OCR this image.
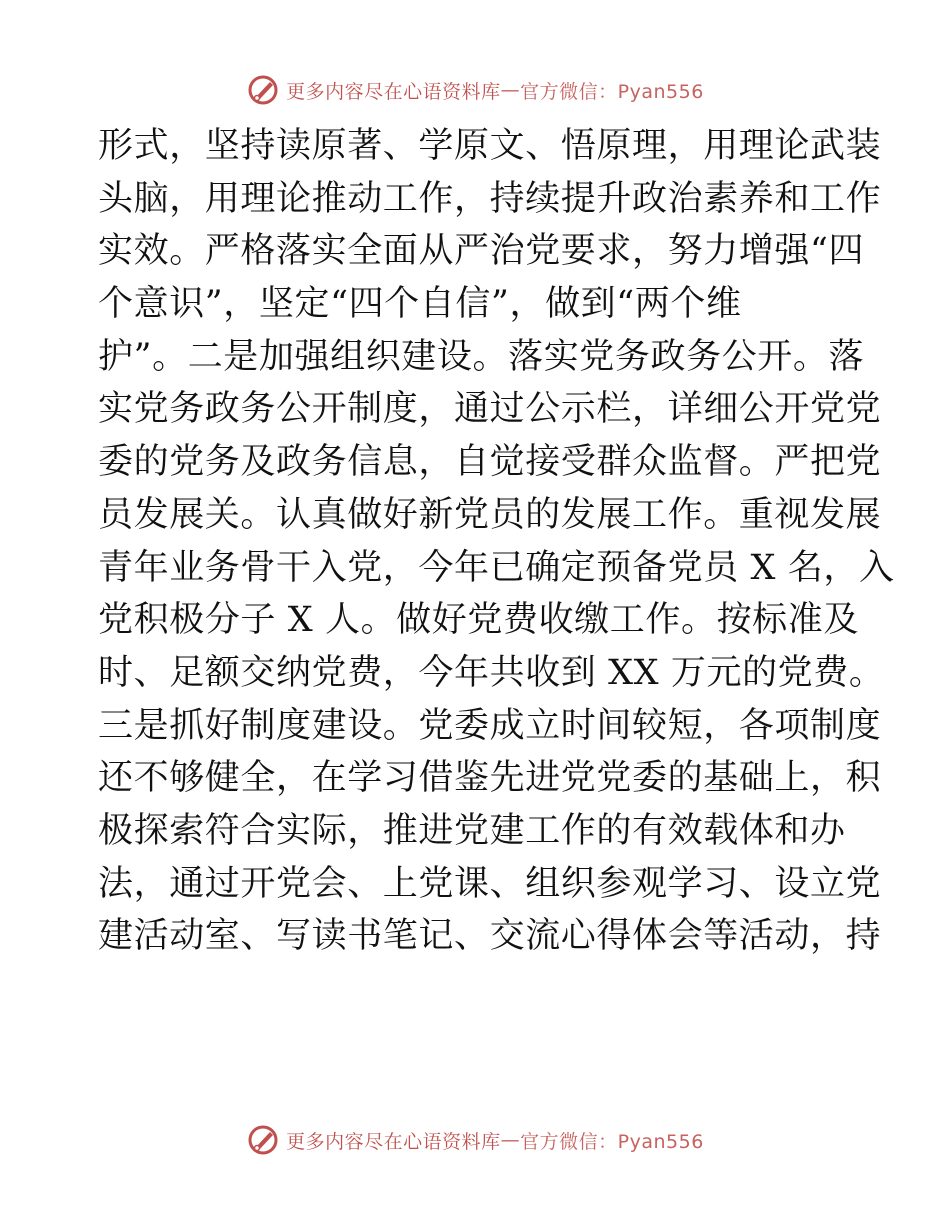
更多内容尽在心语资料库 — 官方微信：Pyan556
形式，坚持读原著、学原文、悟原理，用理论武装
头脑，用理论推动工作，持续提升政治素养和工作
实效。严格落实全面从严治党要求，努力增强“四
个意识”，坚定“四个自信”，做到“两个维
护”。二是加强组织建设。落实党务政务公开。落
实党务政务公开制度，通过公示栏，详细公开党党
委的党务及政务信息，自觉接受群众监督。严把党
员发展关。认真做好新党员的发展工作。重视发展
青年业务骨干入党，今年已确定预备党员 X 名，入
党积极分子 X 人。做好党费收缴工作。按标准及
时、足额交纳党费，今年共收到 XX 万元的党费。
三是抓好制度建设。党委成立时间较短，各项制度
还不够健全，在学习借鉴先进党党委的基础上，积
极探索符合实际，推进党建工作的有效载体和办
法，通过开党会、上党课、组织参观学习、设立党
建活动室、写读书笔记、交流心得体会等活动，持
更多内容尽在心语资料库 — 官方微信：Pyan556
